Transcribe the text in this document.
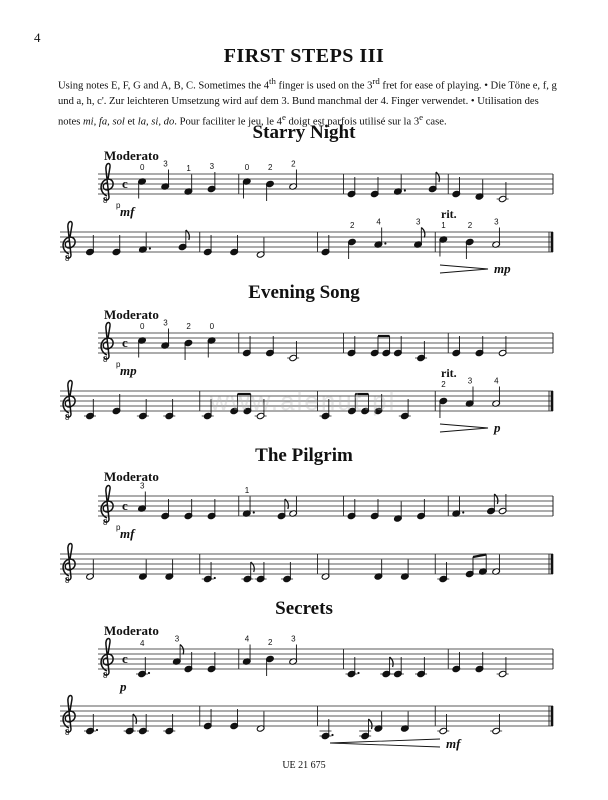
4
FIRST STEPS III
Using notes E, F, G and A, B, C. Sometimes the 4th finger is used on the 3rd fret for ease of playing. • Die Töne e, f, g und a, h, c'. Zur leichteren Umsetzung wird auf dem 3. Bund manchmal der 4. Finger verwendet. • Utilisation des notes mi, fa, sol et la, si, do. Pour faciliter le jeu, le 4e doigt est parfois utilisé sur la 3e case.
Starry Night
Moderato
8
c
0 3 1 3	0 2 2
8
2	4	3	1	2	3
p mf	rit.
mp
Evening Song
Moderato
8
c
0 3 2 0
8
2	3	4
p mp	rit.
p
The Pilgrim
Moderato
8
c
3	1
8
p mf
Secrets
Moderato
8
c
4	3	4 2 3
8
p
mf
www.alenut.pl
UE 21 675
